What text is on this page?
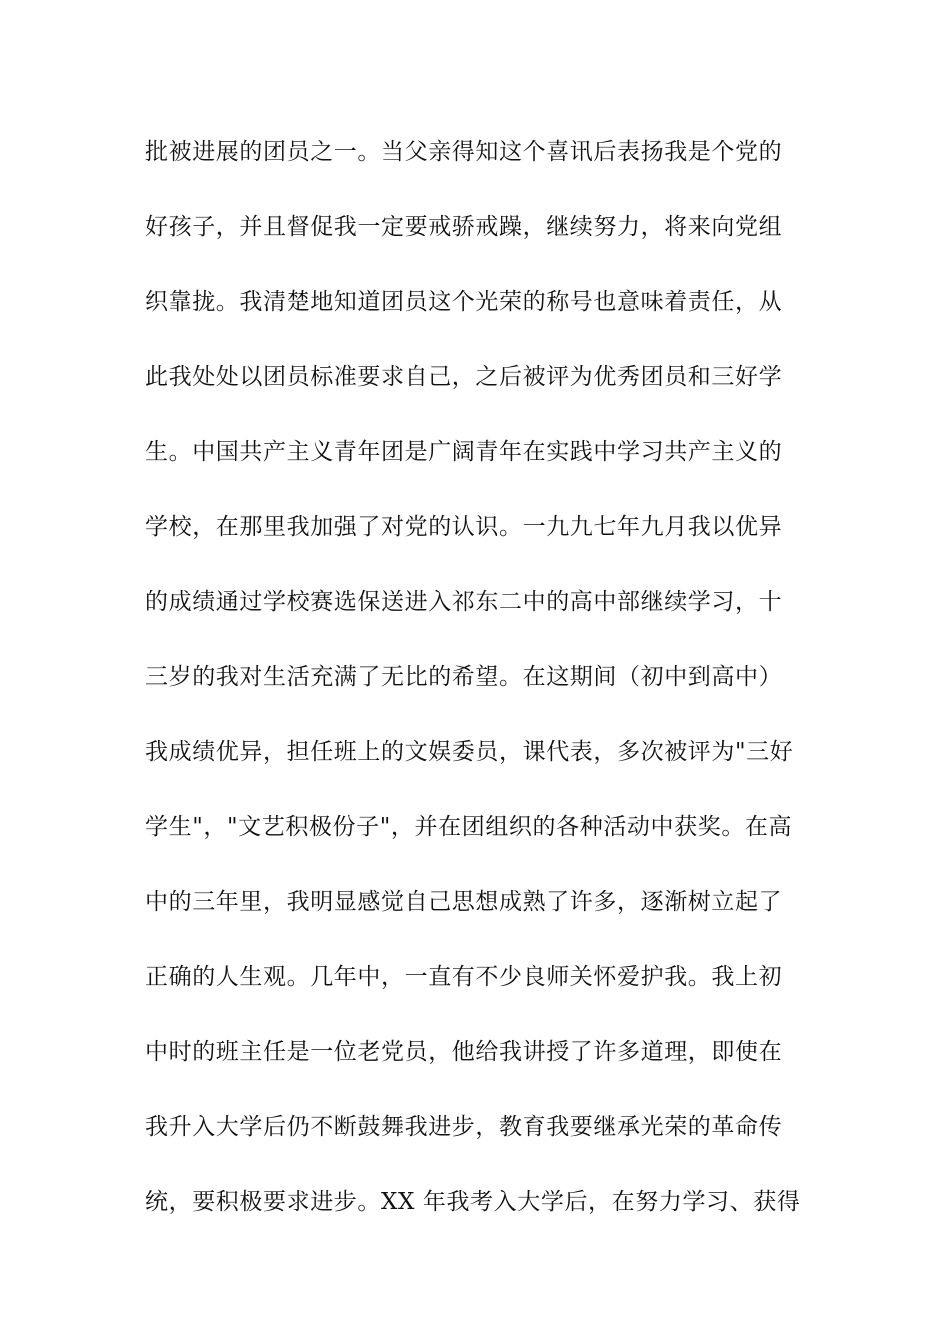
批被进展的团员之一。当父亲得知这个喜讯后表扬我是个党的
好孩子，并且督促我一定要戒骄戒躁，继续努力，将来向党组
织靠拢。我清楚地知道团员这个光荣的称号也意味着责任，从
此我处处以团员标准要求自己，之后被评为优秀团员和三好学
生。中国共产主义青年团是广阔青年在实践中学习共产主义的
学校，在那里我加强了对党的认识。一九九七年九月我以优异
的成绩通过学校赛选保送进入祁东二中的高中部继续学习，十
三岁的我对生活充满了无比的希望。在这期间（初中到高中）
我成绩优异，担任班上的文娱委员，课代表，多次被评为"三好
学生"，"文艺积极份子"，并在团组织的各种活动中获奖。在高
中的三年里，我明显感觉自己思想成熟了许多，逐渐树立起了
正确的人生观。几年中，一直有不少良师关怀爱护我。我上初
中时的班主任是一位老党员，他给我讲授了许多道理，即使在
我升入大学后仍不断鼓舞我进步，教育我要继承光荣的革命传
统，要积极要求进步。XX 年我考入大学后，在努力学习、获得
